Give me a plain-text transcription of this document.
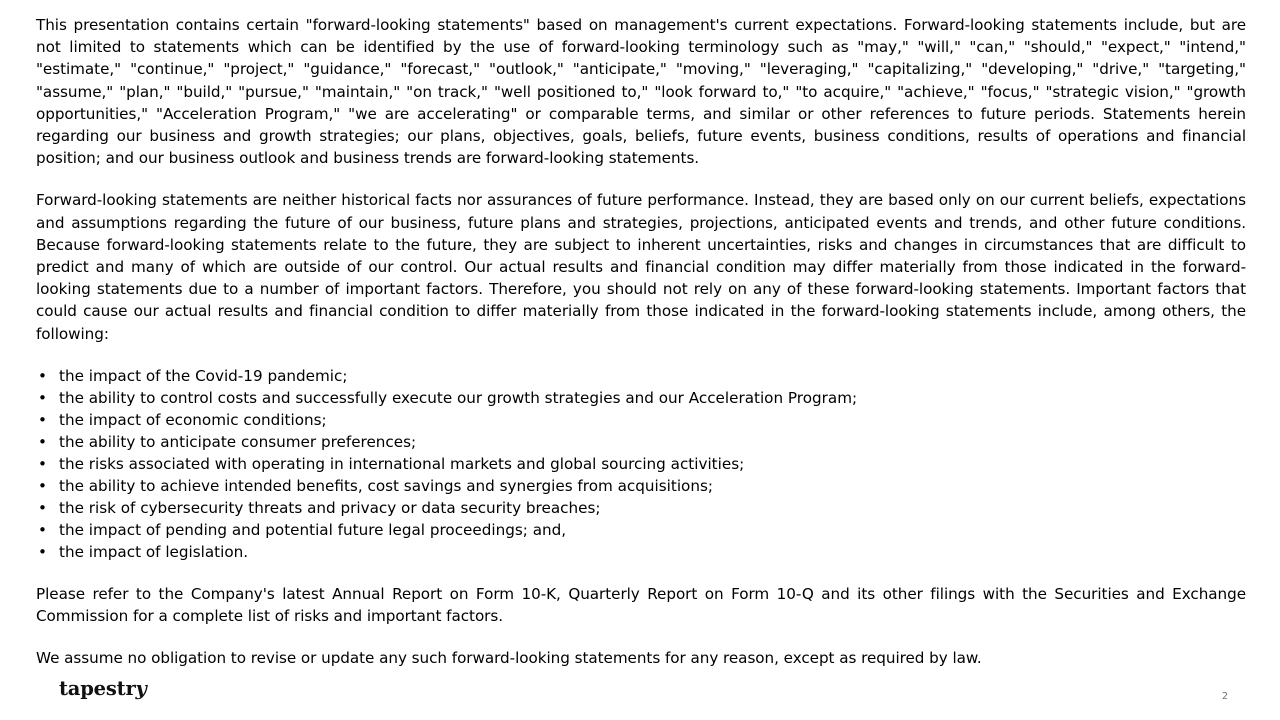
This presentation contains certain "forward-looking statements" based on management's current expectations. Forward-looking statements include, but are not limited to statements which can be identified by the use of forward-looking terminology such as "may," "will," "can," "should," "expect," "intend," "estimate," "continue," "project," "guidance," "forecast," "outlook," "anticipate," "moving," "leveraging," "capitalizing," "developing," "drive," "targeting," "assume," "plan," "build," "pursue," "maintain," "on track," "well positioned to," "look forward to," "to acquire," "achieve," "focus," "strategic vision," "growth opportunities," "Acceleration Program," "we are accelerating" or comparable terms, and similar or other references to future periods. Statements herein regarding our business and growth strategies; our plans, objectives, goals, beliefs, future events, business conditions, results of operations and financial position; and our business outlook and business trends are forward-looking statements.

Forward-looking statements are neither historical facts nor assurances of future performance. Instead, they are based only on our current beliefs, expectations and assumptions regarding the future of our business, future plans and strategies, projections, anticipated events and trends, and other future conditions. Because forward-looking statements relate to the future, they are subject to inherent uncertainties, risks and changes in circumstances that are difficult to predict and many of which are outside of our control. Our actual results and financial condition may differ materially from those indicated in the forward-looking statements due to a number of important factors. Therefore, you should not rely on any of these forward-looking statements. Important factors that could cause our actual results and financial condition to differ materially from those indicated in the forward-looking statements include, among others, the following:

• the impact of the Covid-19 pandemic;
• the ability to control costs and successfully execute our growth strategies and our Acceleration Program;
• the impact of economic conditions;
• the ability to anticipate consumer preferences;
• the risks associated with operating in international markets and global sourcing activities;
• the ability to achieve intended benefits, cost savings and synergies from acquisitions;
• the risk of cybersecurity threats and privacy or data security breaches;
• the impact of pending and potential future legal proceedings; and,
• the impact of legislation.

Please refer to the Company's latest Annual Report on Form 10-K, Quarterly Report on Form 10-Q and its other filings with the Securities and Exchange Commission for a complete list of risks and important factors.

We assume no obligation to revise or update any such forward-looking statements for any reason, except as required by law.

tapestry	2
